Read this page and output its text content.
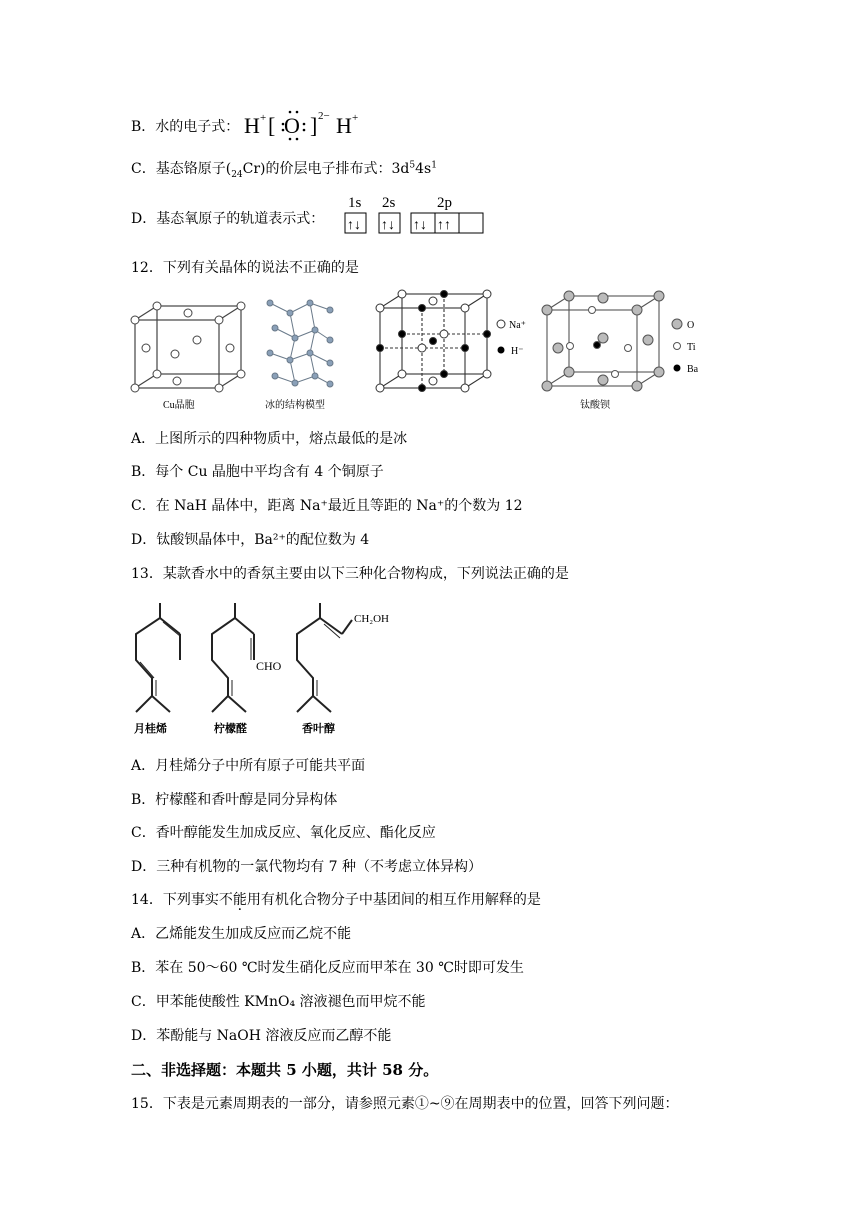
B．水的电子式： H + [ O ] 2− H +
C．基态铬原子$(_{24}Cr)$的价层电子排布式：$3d^54s^1$
D．基态氧原子的轨道表示式：
1s 2s	2p
↑↓ ↑↓ ↑↓ ↑↑
12．下列有关晶体的说法不正确的是
Cu晶胞	冰的结构模型
Na⁺
H⁻
O
Ti
Ba
钛酸钡
A．上图所示的四种物质中，熔点最低的是冰
B．每个 Cu 晶胞中平均含有 4 个铜原子
C．在 NaH 晶体中，距离 Na⁺最近且等距的 Na⁺的个数为 12
D．钛酸钡晶体中，Ba²⁺的配位数为 4
13．某款香水中的香氛主要由以下三种化合物构成，下列说法正确的是
CHO
CH₂OH
月桂烯	柠檬醛	香叶醇
A．月桂烯分子中所有原子可能共平面
B．柠檬醛和香叶醇是同分异构体
C．香叶醇能发生加成反应、氧化反应、酯化反应
D．三种有机物的一氯代物均有 7 种（不考虑立体异构）
14．下列事实不能用有机化合物分子中基团间的相互作用解释的是
A．乙烯能发生加成反应而乙烷不能
B．苯在 50～60 ℃时发生硝化反应而甲苯在 30 ℃时即可发生
C．甲苯能使酸性 KMnO₄ 溶液褪色而甲烷不能
D．苯酚能与 NaOH 溶液反应而乙醇不能
二、非选择题：本题共 5 小题，共计 58 分。
15．下表是元素周期表的一部分，请参照元素①~⑨在周期表中的位置，回答下列问题：
